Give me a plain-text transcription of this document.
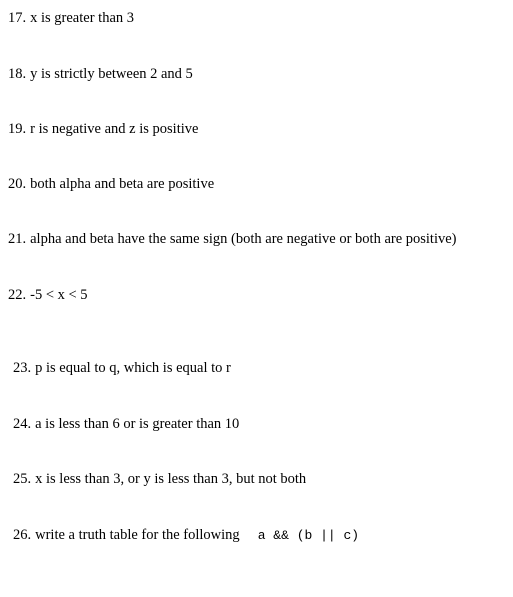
17. x is greater than 3

18. y is strictly between 2 and 5

19. r is negative and z is positive

20. both alpha and beta are positive

21. alpha and beta have the same sign (both are negative or both are positive)

22. -5 < x < 5

23. p is equal to q, which is equal to r

24. a is less than 6 or is greater than 10

25. x is less than 3, or y is less than 3, but not both

26. write a truth table for the following a && (b || c)
